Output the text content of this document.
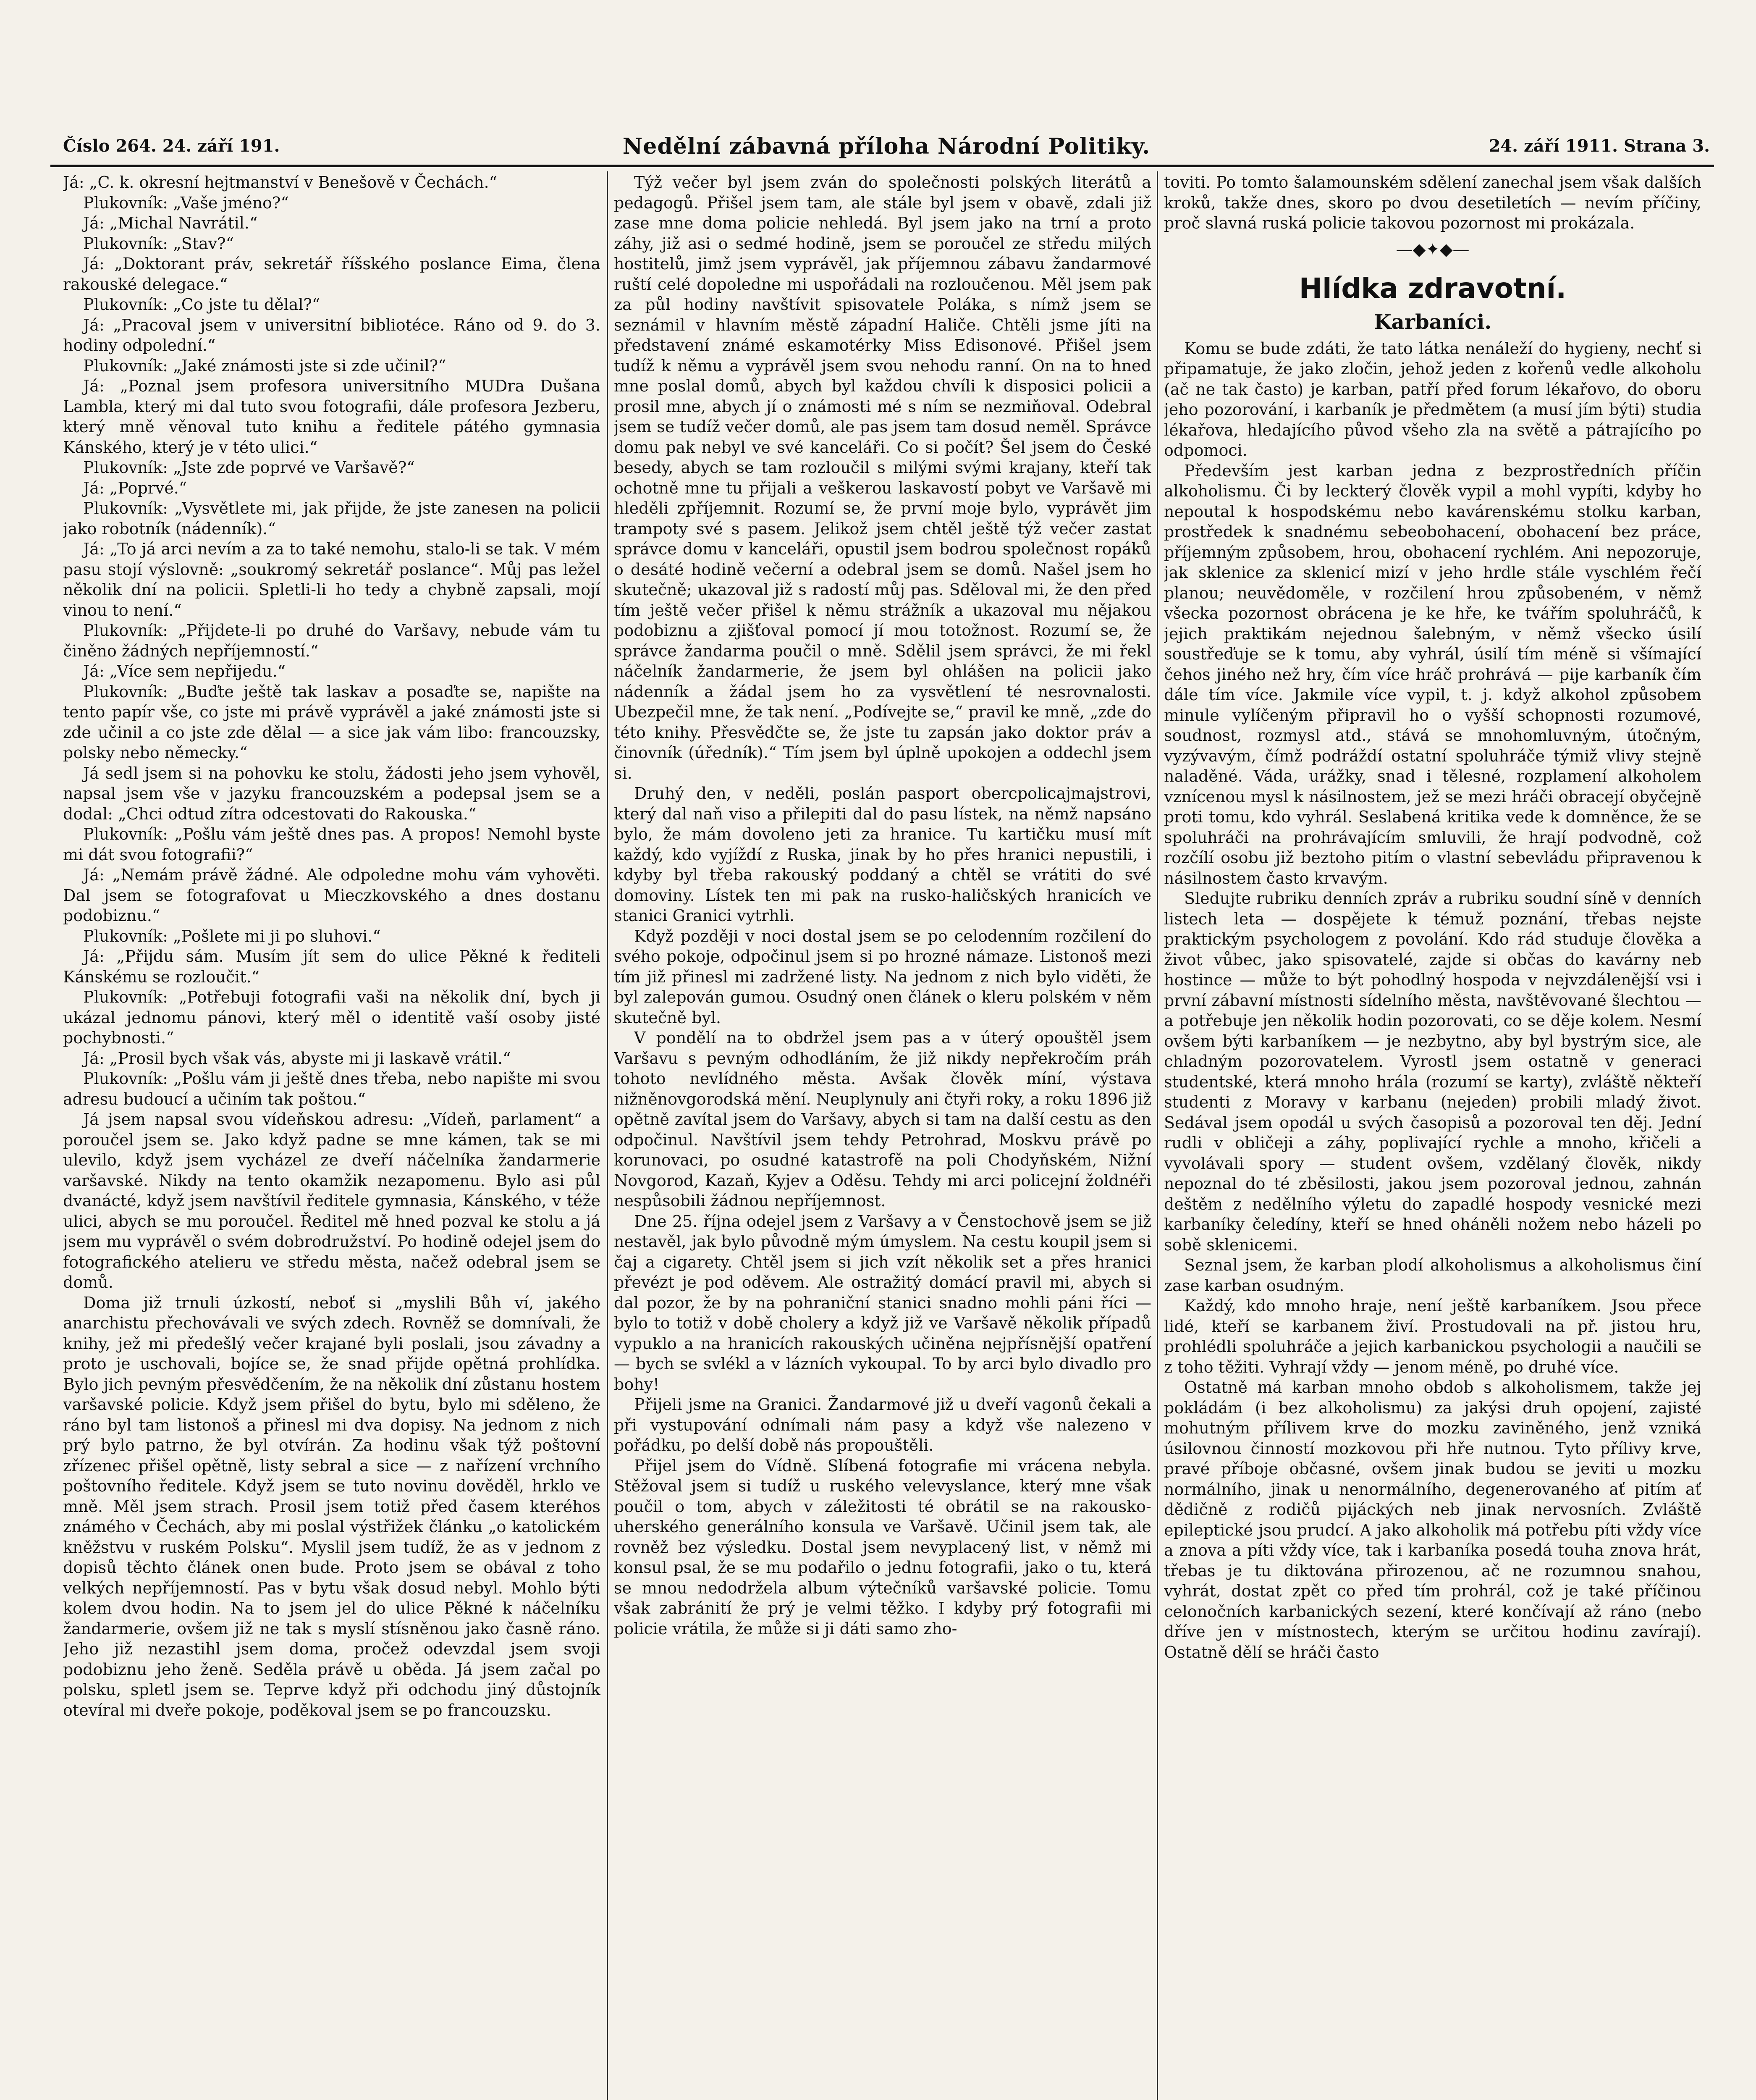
Číslo 264. 24. září 191.	Nedělní zábavná příloha Národní Politiky.	24. září 1911. Strana 3.

Já: „C. k. okresní hejtmanství v Benešově v Čechách.“

Plukovník: „Vaše jméno?“

Já: „Michal Navrátil.“

Plukovník: „Stav?“

Já: „Doktorant práv, sekretář říšského poslance Eima, člena rakouské delegace.“

Plukovník: „Co jste tu dělal?“

Já: „Pracoval jsem v universitní bibliotéce. Ráno od 9. do 3. hodiny odpolední.“

Plukovník: „Jaké známosti jste si zde učinil?“

Já: „Poznal jsem profesora universitního MUDra Dušana Lambla, který mi dal tuto svou fotografii, dále profesora Jezberu, který mně věnoval tuto knihu a ředitele pátého gymnasia Kánského, který je v této ulici.“

Plukovník: „Jste zde poprvé ve Varšavě?“

Já: „Poprvé.“

Plukovník: „Vysvětlete mi, jak přijde, že jste zanesen na policii jako robotník (nádenník).“

Já: „To já arci nevím a za to také nemohu, stalo-li se tak. V mém pasu stojí výslovně: „soukromý sekretář poslance“. Můj pas ležel několik dní na policii. Spletli-li ho tedy a chybně zapsali, mojí vinou to není.“

Plukovník: „Přijdete-li po druhé do Varšavy, nebude vám tu činěno žádných nepříjemností.“

Já: „Více sem nepřijedu.“

Plukovník: „Buďte ještě tak laskav a posaďte se, napište na tento papír vše, co jste mi právě vyprávěl a jaké známosti jste si zde učinil a co jste zde dělal — a sice jak vám libo: francouzsky, polsky nebo německy.“

Já sedl jsem si na pohovku ke stolu, žádosti jeho jsem vyhověl, napsal jsem vše v jazyku francouzském a podepsal jsem se a dodal: „Chci odtud zítra odcestovati do Rakouska.“

Plukovník: „Pošlu vám ještě dnes pas. A propos! Nemohl byste mi dát svou fotografii?“

Já: „Nemám právě žádné. Ale odpoledne mohu vám vyhověti. Dal jsem se fotografovat u Mieczkovského a dnes dostanu podobiznu.“

Plukovník: „Pošlete mi ji po sluhovi.“

Já: „Přijdu sám. Musím jít sem do ulice Pěkné k řediteli Kánskému se rozloučit.“

Plukovník: „Potřebuji fotografii vaši na několik dní, bych ji ukázal jednomu pánovi, který měl o identitě vaší osoby jisté pochybnosti.“

Já: „Prosil bych však vás, abyste mi ji laskavě vrátil.“

Plukovník: „Pošlu vám ji ještě dnes třeba, nebo napište mi svou adresu budoucí a učiním tak poštou.“

Já jsem napsal svou vídeňskou adresu: „Vídeň, parlament“ a poroučel jsem se. Jako když padne se mne kámen, tak se mi ulevilo, když jsem vycházel ze dveří náčelníka žandarmerie varšavské. Nikdy na tento okamžik nezapomenu. Bylo asi půl dvanácté, když jsem navštívil ředitele gymnasia, Kánského, v téže ulici, abych se mu poroučel. Ředitel mě hned pozval ke stolu a já jsem mu vyprávěl o svém dobrodružství. Po hodině odejel jsem do fotografického atelieru ve středu města, načež odebral jsem se domů.

Doma již trnuli úzkostí, neboť si „myslili Bůh ví, jakého anarchistu přechovávali ve svých zdech. Rovněž se domnívali, že knihy, jež mi předešlý večer krajané byli poslali, jsou závadny a proto je uschovali, bojíce se, že snad přijde opětná prohlídka. Bylo jich pevným přesvědčením, že na několik dní zůstanu hostem varšavské policie. Když jsem přišel do bytu, bylo mi sděleno, že ráno byl tam listonoš a přinesl mi dva dopisy. Na jednom z nich prý bylo patrno, že byl otvírán. Za hodinu však týž poštovní zřízenec přišel opětně, listy sebral a sice — z nařízení vrchního poštovního ředitele. Když jsem se tuto novinu dověděl, hrklo ve mně. Měl jsem strach. Prosil jsem totiž před časem kteréhos známého v Čechách, aby mi poslal výstřižek článku „o katolickém kněžstvu v ruském Polsku“. Myslil jsem tudíž, že as v jednom z dopisů těchto článek onen bude. Proto jsem se obával z toho velkých nepříjemností. Pas v bytu však dosud nebyl. Mohlo býti kolem dvou hodin. Na to jsem jel do ulice Pěkné k náčelníku žandarmerie, ovšem již ne tak s myslí stísněnou jako časně ráno. Jeho již nezastihl jsem doma, pročež odevzdal jsem svoji podobiznu jeho ženě. Seděla právě u oběda. Já jsem začal po polsku, spletl jsem se. Teprve když při odchodu jiný důstojník otevíral mi dveře pokoje, poděkoval jsem se po francouzsku.

Týž večer byl jsem zván do společnosti polských literátů a pedagogů. Přišel jsem tam, ale stále byl jsem v obavě, zdali již zase mne doma policie nehledá. Byl jsem jako na trní a proto záhy, již asi o sedmé hodině, jsem se poroučel ze středu milých hostitelů, jimž jsem vyprávěl, jak příjemnou zábavu žandarmové ruští celé dopoledne mi uspořádali na rozloučenou. Měl jsem pak za půl hodiny navštívit spisovatele Poláka, s nímž jsem se seznámil v hlavním městě západní Haliče. Chtěli jsme jíti na představení známé eskamotérky Miss Edisonové. Přišel jsem tudíž k němu a vyprávěl jsem svou nehodu ranní. On na to hned mne poslal domů, abych byl každou chvíli k disposici policii a prosil mne, abych jí o známosti mé s ním se nezmiňoval. Odebral jsem se tudíž večer domů, ale pas jsem tam dosud neměl. Správce domu pak nebyl ve své kanceláři. Co si počít? Šel jsem do České besedy, abych se tam rozloučil s milými svými krajany, kteří tak ochotně mne tu přijali a veškerou laskavostí pobyt ve Varšavě mi hleděli zpříjemnit. Rozumí se, že první moje bylo, vyprávět jim trampoty své s pasem. Jelikož jsem chtěl ještě týž večer zastat správce domu v kanceláři, opustil jsem bodrou společnost ropáků o desáté hodině večerní a odebral jsem se domů. Našel jsem ho skutečně; ukazoval již s radostí můj pas. Sděloval mi, že den před tím ještě večer přišel k němu strážník a ukazoval mu nějakou podobiznu a zjišťoval pomocí jí mou totožnost. Rozumí se, že správce žandarma poučil o mně. Sdělil jsem správci, že mi řekl náčelník žandarmerie, že jsem byl ohlášen na policii jako nádenník a žádal jsem ho za vysvětlení té nesrovnalosti. Ubezpečil mne, že tak není. „Podívejte se,“ pravil ke mně, „zde do této knihy. Přesvědčte se, že jste tu zapsán jako doktor práv a činovník (úředník).“ Tím jsem byl úplně upokojen a oddechl jsem si.

Druhý den, v neděli, poslán pasport obercpolicajmajstrovi, který dal naň viso a přilepiti dal do pasu lístek, na němž napsáno bylo, že mám dovoleno jeti za hranice. Tu kartičku musí mít každý, kdo vyjíždí z Ruska, jinak by ho přes hranici nepustili, i kdyby byl třeba rakouský poddaný a chtěl se vrátiti do své domoviny. Lístek ten mi pak na rusko-haličských hranicích ve stanici Granici vytrhli.

Když později v noci dostal jsem se po celodenním rozčilení do svého pokoje, odpočinul jsem si po hrozné námaze. Listonoš mezi tím již přinesl mi zadržené listy. Na jednom z nich bylo viděti, že byl zalepován gumou. Osudný onen článek o kleru polském v něm skutečně byl.

V pondělí na to obdržel jsem pas a v úterý opouštěl jsem Varšavu s pevným odhodláním, že již nikdy nepřekročím práh tohoto nevlídného města. Avšak člověk míní, výstava nižněnovgorodská mění. Neuplynuly ani čtyři roky, a roku 1896 již opětně zavítal jsem do Varšavy, abych si tam na další cestu as den odpočinul. Navštívil jsem tehdy Petrohrad, Moskvu právě po korunovaci, po osudné katastrofě na poli Chodyňském, Nižní Novgorod, Kazaň, Kyjev a Oděsu. Tehdy mi arci policejní žoldnéři nespůsobili žádnou nepříjemnost.

Dne 25. října odejel jsem z Varšavy a v Čenstochově jsem se již nestavěl, jak bylo původně mým úmyslem. Na cestu koupil jsem si čaj a cigarety. Chtěl jsem si jich vzít několik set a přes hranici převézt je pod oděvem. Ale ostražitý domácí pravil mi, abych si dal pozor, že by na pohraniční stanici snadno mohli páni říci — bylo to totiž v době cholery a když již ve Varšavě několik případů vypuklo a na hranicích rakouských učiněna nejpřísnější opatření — bych se svlékl a v lázních vykoupal. To by arci bylo divadlo pro bohy!

Přijeli jsme na Granici. Žandarmové již u dveří vagonů čekali a při vystupování odnímali nám pasy a když vše nalezeno v pořádku, po delší době nás propouštěli.

Přijel jsem do Vídně. Slíbená fotografie mi vrácena nebyla. Stěžoval jsem si tudíž u ruského velevyslance, který mne však poučil o tom, abych v záležitosti té obrátil se na rakousko-uherského generálního konsula ve Varšavě. Učinil jsem tak, ale rovněž bez výsledku. Dostal jsem nevyplacený list, v němž mi konsul psal, že se mu podařilo o jednu fotografii, jako o tu, která se mnou nedodržela album výtečníků varšavské policie. Tomu však zabránití že prý je velmi těžko. I kdyby prý fotografii mi policie vrátila, že může si ji dáti samo zho-

toviti. Po tomto šalamounském sdělení zanechal jsem však dalších kroků, takže dnes, skoro po dvou desetiletích — nevím příčiny, proč slavná ruská policie takovou pozornost mi prokázala.

—◆✦◆—
Hlídka zdravotní.
Karbaníci.

Komu se bude zdáti, že tato látka nenáleží do hygieny, nechť si připamatuje, že jako zločin, jehož jeden z kořenů vedle alkoholu (ač ne tak často) je karban, patří před forum lékařovo, do oboru jeho pozorování, i karbaník je předmětem (a musí jím býti) studia lékařova, hledajícího původ všeho zla na světě a pátrajícího po odpomoci.

Především jest karban jedna z bezprostředních příčin alkoholismu. Či by leckterý člověk vypil a mohl vypíti, kdyby ho nepoutal k hospodskému nebo kavárenskému stolku karban, prostředek k snadnému sebeobohacení, obohacení bez práce, příjemným způsobem, hrou, obohacení rychlém. Ani nepozoruje, jak sklenice za sklenicí mizí v jeho hrdle stále vyschlém řečí planou; neuvědoměle, v rozčilení hrou způsobeném, v němž všecka pozornost obrácena je ke hře, ke tvářím spoluhráčů, k jejich praktikám nejednou šalebným, v němž všecko úsilí soustřeďuje se k tomu, aby vyhrál, úsilí tím méně si všímající čehos jiného než hry, čím více hráč prohrává — pije karbaník čím dále tím více. Jakmile více vypil, t. j. když alkohol způsobem minule vylíčeným připravil ho o vyšší schopnosti rozumové, soudnost, rozmysl atd., stává se mnohomluvným, útočným, vyzývavým, čímž podráždí ostatní spoluhráče týmiž vlivy stejně naladěné. Váda, urážky, snad i tělesné, rozplamení alkoholem vznícenou mysl k násilnostem, jež se mezi hráči obracejí obyčejně proti tomu, kdo vyhrál. Seslabená kritika vede k domněnce, že se spoluhráči na prohrávajícím smluvili, že hrají podvodně, což rozčílí osobu již beztoho pitím o vlastní sebevládu připravenou k násilnostem často krvavým.

Sledujte rubriku denních zpráv a rubriku soudní síně v denních listech leta — dospějete k témuž poznání, třebas nejste praktickým psychologem z povolání. Kdo rád studuje člověka a život vůbec, jako spisovatelé, zajde si občas do kavárny neb hostince — může to být pohodlný hospoda v nejvzdálenější vsi i první zábavní místnosti sídelního města, navštěvované šlechtou — a potřebuje jen několik hodin pozorovati, co se děje kolem. Nesmí ovšem býti karbaníkem — je nezbytno, aby byl bystrým sice, ale chladným pozorovatelem. Vyrostl jsem ostatně v generaci studentské, která mnoho hrála (rozumí se karty), zvláště někteří studenti z Moravy v karbanu (nejeden) probili mladý život. Sedával jsem opodál u svých časopisů a pozoroval ten děj. Jední rudli v obličeji a záhy, poplivající rychle a mnoho, křičeli a vyvolávali spory — student ovšem, vzdělaný člověk, nikdy nepoznal do té zběsilosti, jakou jsem pozoroval jednou, zahnán deštěm z nedělního výletu do zapadlé hospody vesnické mezi karbaníky čeledíny, kteří se hned oháněli nožem nebo házeli po sobě sklenicemi.

Seznal jsem, že karban plodí alkoholismus a alkoholismus činí zase karban osudným.

Každý, kdo mnoho hraje, není ještě karbaníkem. Jsou přece lidé, kteří se karbanem živí. Prostudovali na př. jistou hru, prohlédli spoluhráče a jejich karbanickou psychologii a naučili se z toho těžiti. Vyhrají vždy — jenom méně, po druhé více.

Ostatně má karban mnoho obdob s alkoholismem, takže jej pokládám (i bez alkoholismu) za jakýsi druh opojení, zajisté mohutným přílivem krve do mozku zaviněného, jenž vzniká úsilovnou činností mozkovou při hře nutnou. Tyto přílivy krve, pravé příboje občasné, ovšem jinak budou se jeviti u mozku normálního, jinak u nenormálního, degenerovaného ať pitím ať dědičně z rodičů pijáckých neb jinak nervosních. Zvláště epileptické jsou prudcí. A jako alkoholik má potřebu píti vždy více a znova a píti vždy více, tak i karbaníka posedá touha znova hrát, třebas je tu diktována přirozenou, ač ne rozumnou snahou, vyhrát, dostat zpět co před tím prohrál, což je také příčinou celonočních karbanických sezení, které končívají až ráno (nebo dříve jen v místnostech, kterým se určitou hodinu zavírají). Ostatně dělí se hráči často
